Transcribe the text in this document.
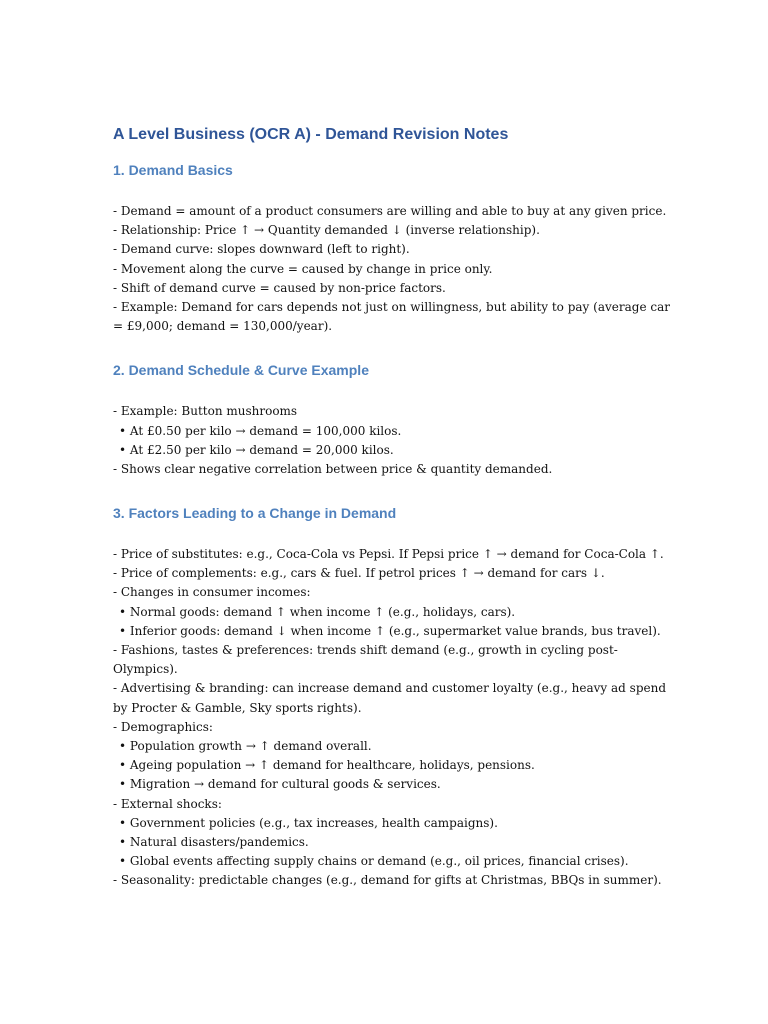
A Level Business (OCR A) - Demand Revision Notes
1. Demand Basics
- Demand = amount of a product consumers are willing and able to buy at any given price.
- Relationship: Price ↑ → Quantity demanded ↓ (inverse relationship).
- Demand curve: slopes downward (left to right).
- Movement along the curve = caused by change in price only.
- Shift of demand curve = caused by non-price factors.
- Example: Demand for cars depends not just on willingness, but ability to pay (average car
= £9,000; demand = 130,000/year).
2. Demand Schedule & Curve Example
- Example: Button mushrooms
• At £0.50 per kilo → demand = 100,000 kilos.
• At £2.50 per kilo → demand = 20,000 kilos.
- Shows clear negative correlation between price & quantity demanded.
3. Factors Leading to a Change in Demand
- Price of substitutes: e.g., Coca-Cola vs Pepsi. If Pepsi price ↑ → demand for Coca-Cola ↑.
- Price of complements: e.g., cars & fuel. If petrol prices ↑ → demand for cars ↓.
- Changes in consumer incomes:
• Normal goods: demand ↑ when income ↑ (e.g., holidays, cars).
• Inferior goods: demand ↓ when income ↑ (e.g., supermarket value brands, bus travel).
- Fashions, tastes & preferences: trends shift demand (e.g., growth in cycling post-
Olympics).
- Advertising & branding: can increase demand and customer loyalty (e.g., heavy ad spend
by Procter & Gamble, Sky sports rights).
- Demographics:
• Population growth → ↑ demand overall.
• Ageing population → ↑ demand for healthcare, holidays, pensions.
• Migration → demand for cultural goods & services.
- External shocks:
• Government policies (e.g., tax increases, health campaigns).
• Natural disasters/pandemics.
• Global events affecting supply chains or demand (e.g., oil prices, financial crises).
- Seasonality: predictable changes (e.g., demand for gifts at Christmas, BBQs in summer).
